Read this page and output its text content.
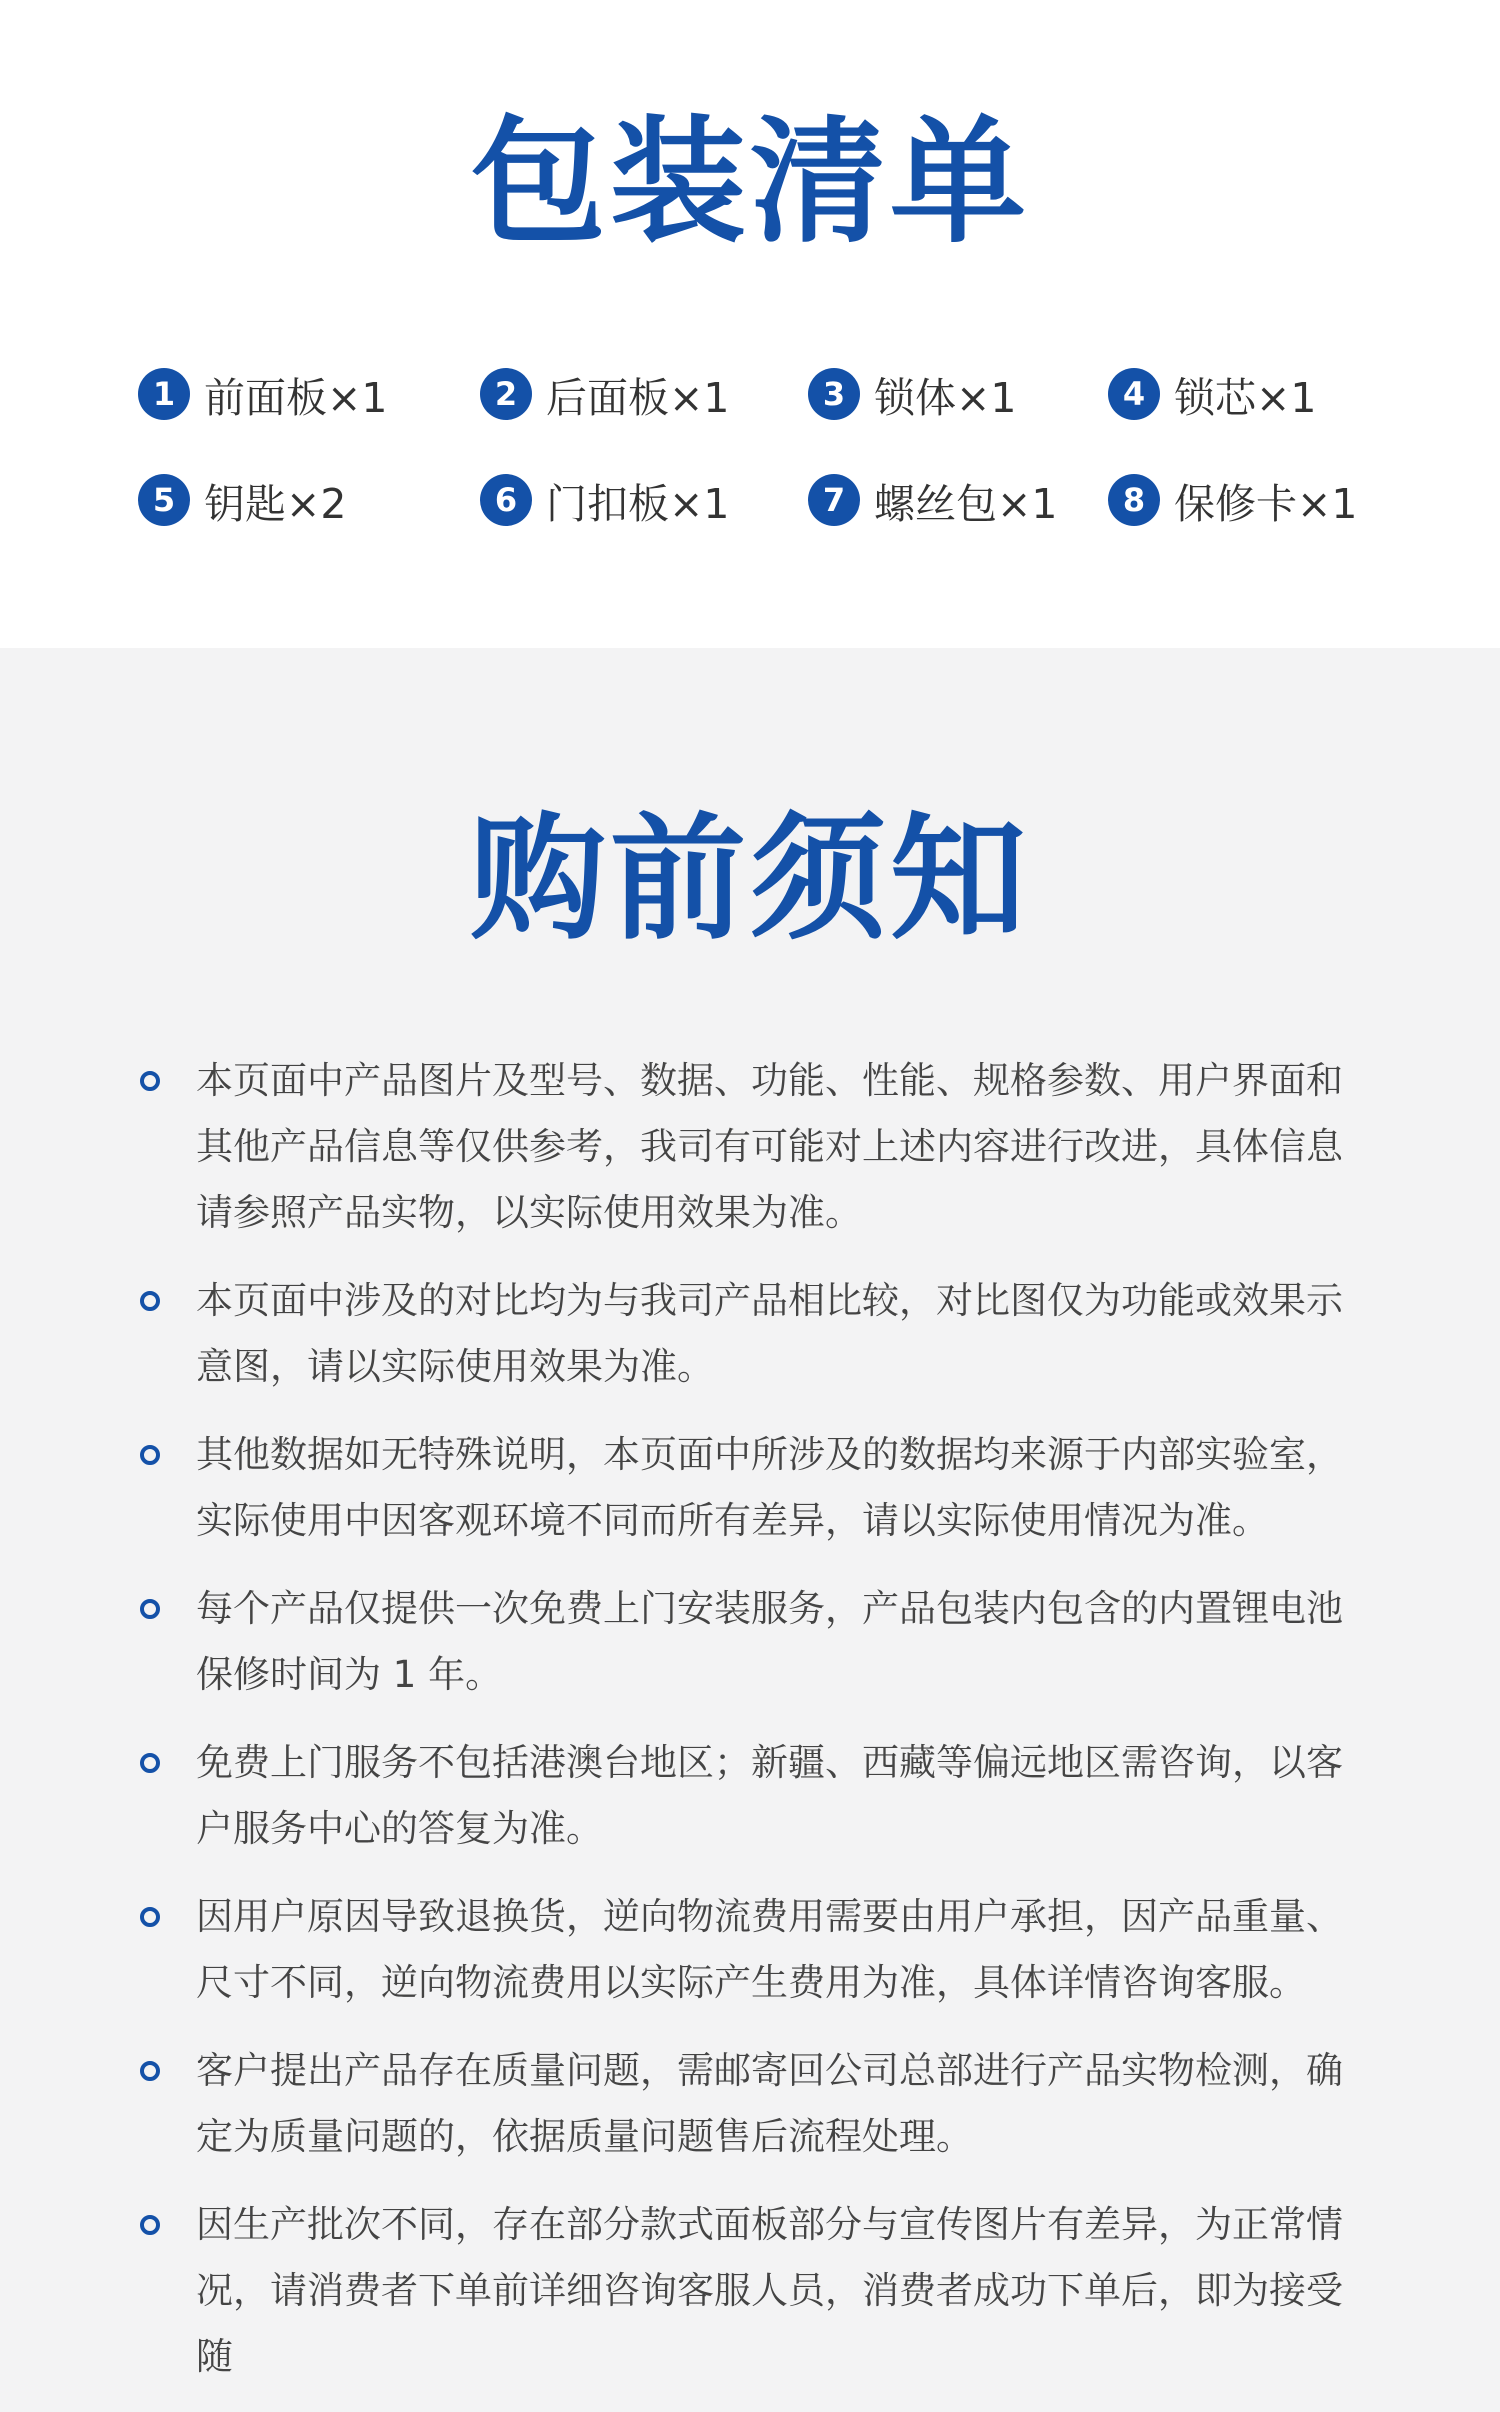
包装清单
1 前面板×1	2 后面板×1	3 锁体×1	4 锁芯×1
5 钥匙×2	6 门扣板×1	7 螺丝包×1	8 保修卡×1
购前须知
本页面中产品图片及型号、数据、功能、性能、规格参数、用户界面和其他产品信息等仅供参考，我司有可能对上述内容进行改进，具体信息请参照产品实物，以实际使用效果为准。
本页面中涉及的对比均为与我司产品相比较，对比图仅为功能或效果示意图，请以实际使用效果为准。
其他数据如无特殊说明，本页面中所涉及的数据均来源于内部实验室，实际使用中因客观环境不同而所有差异，请以实际使用情况为准。
每个产品仅提供一次免费上门安装服务，产品包装内包含的内置锂电池保修时间为 1 年。
免费上门服务不包括港澳台地区；新疆、西藏等偏远地区需咨询，以客户服务中心的答复为准。
因用户原因导致退换货，逆向物流费用需要由用户承担，因产品重量、尺寸不同，逆向物流费用以实际产生费用为准，具体详情咨询客服。
客户提出产品存在质量问题，需邮寄回公司总部进行产品实物检测，确定为质量问题的，依据质量问题售后流程处理。
因生产批次不同，存在部分款式面板部分与宣传图片有差异，为正常情况，请消费者下单前详细咨询客服人员，消费者成功下单后，即为接受随
